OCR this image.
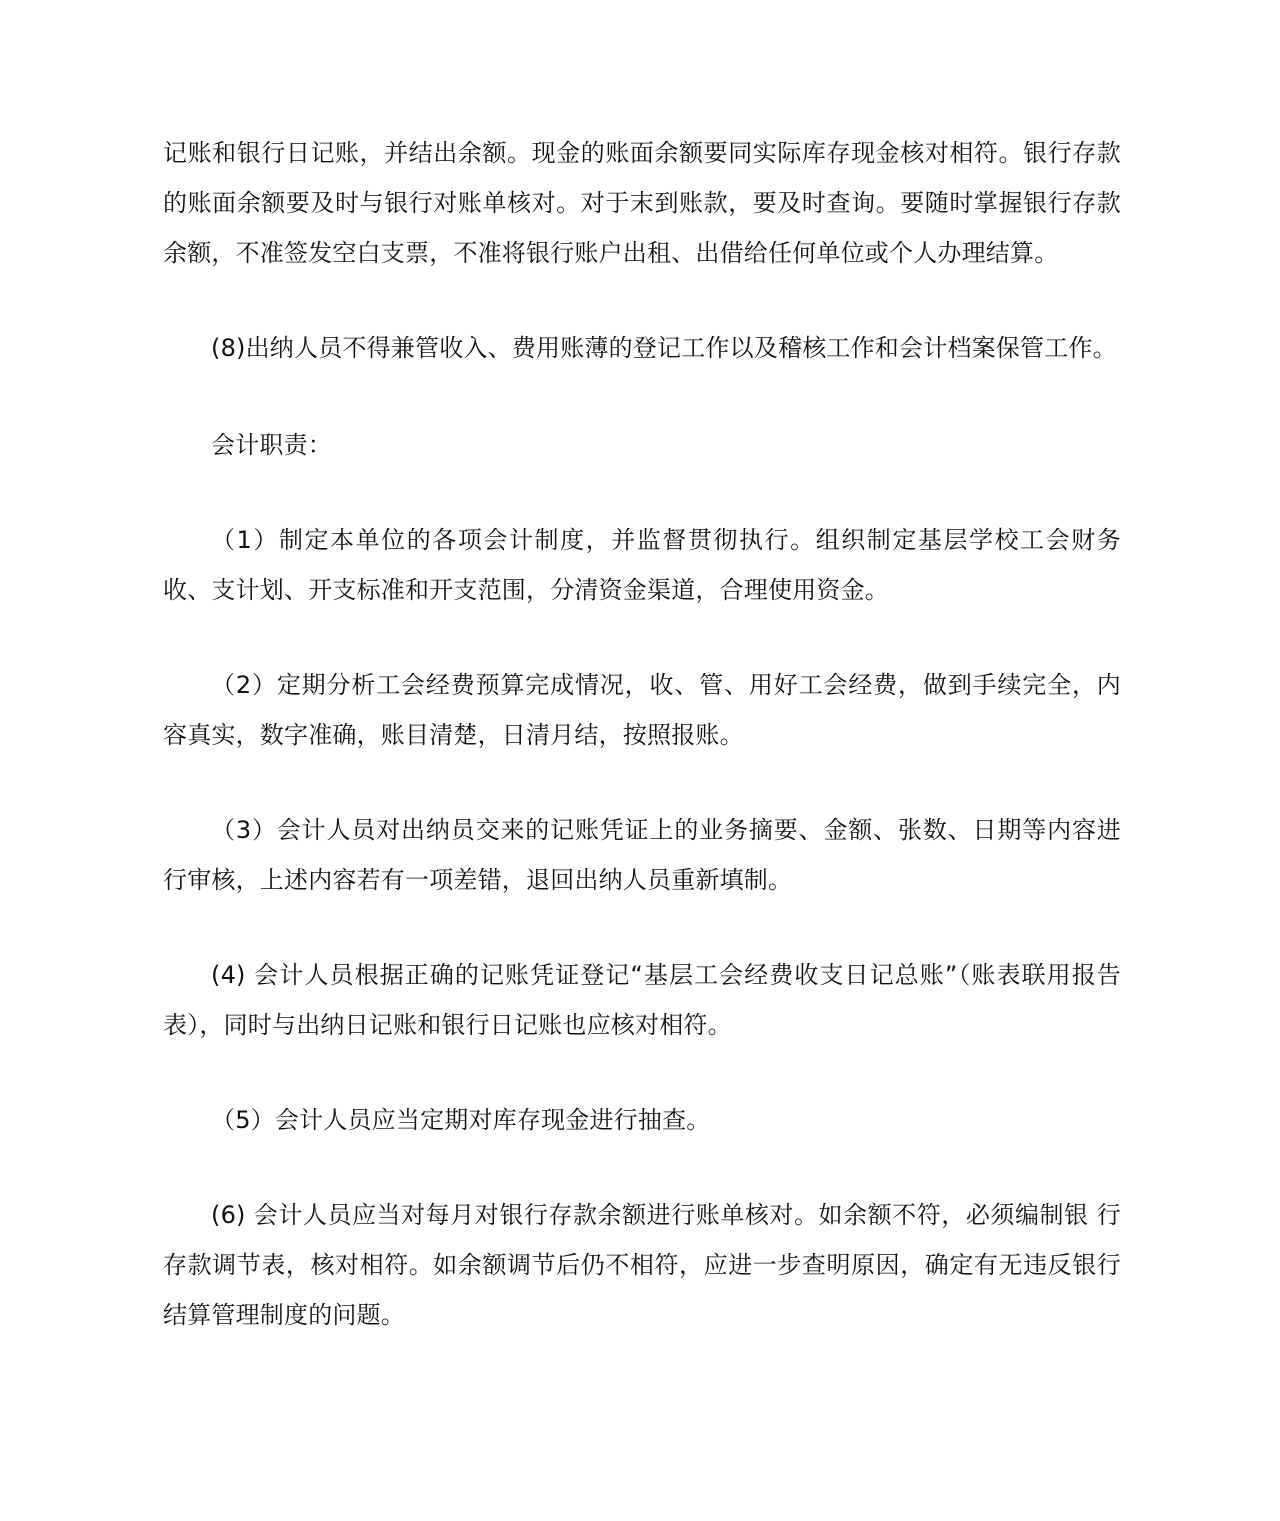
记账和银行日记账，并结出余额。现金的账面余额要同实际库存现金核对相符。银行存款的账面余额要及时与银行对账单核对。对于末到账款，要及时查询。要随时掌握银行存款余额，不准签发空白支票，不准将银行账户出租、出借给任何单位或个人办理结算。

(8)出纳人员不得兼管收入、费用账薄的登记工作以及稽核工作和会计档案保管工作。

会计职责：

（1）制定本单位的各项会计制度，并监督贯彻执行。组织制定基层学校工会财务收、支计划、开支标准和开支范围，分清资金渠道，合理使用资金。

（2）定期分析工会经费预算完成情况，收、管、用好工会经费，做到手续完全，内容真实，数字准确，账目清楚，日清月结，按照报账。

（3）会计人员对出纳员交来的记账凭证上的业务摘要、金额、张数、日期等内容进行审核，上述内容若有一项差错，退回出纳人员重新填制。

(4) 会计人员根据正确的记账凭证登记“基层工会经费收支日记总账”（账表联用报告表），同时与出纳日记账和银行日记账也应核对相符。

（5）会计人员应当定期对库存现金进行抽查。

(6) 会计人员应当对每月对银行存款余额进行账单核对。如余额不符，必须编制银 行存款调节表，核对相符。如余额调节后仍不相符，应进一步查明原因，确定有无违反银行结算管理制度的问题。
